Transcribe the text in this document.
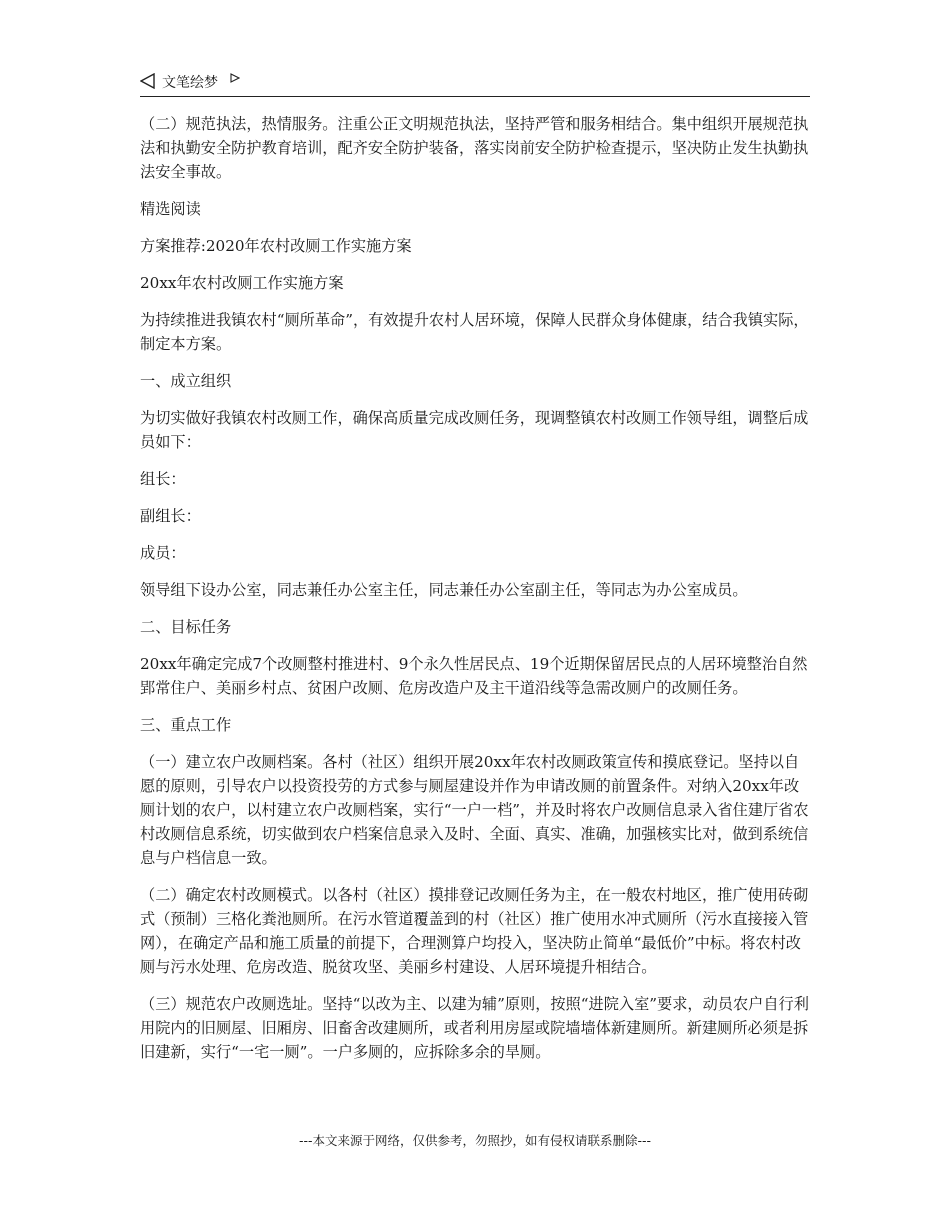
文笔绘梦

（二）规范执法，热情服务。注重公正文明规范执法，坚持严管和服务相结合。集中组织开展规范执法和执勤安全防护教育培训，配齐安全防护装备，落实岗前安全防护检查提示，坚决防止发生执勤执法安全事故。

精选阅读

方案推荐:2020年农村改厕工作实施方案

20xx年农村改厕工作实施方案

为持续推进我镇农村“厕所革命”，有效提升农村人居环境，保障人民群众身体健康，结合我镇实际，制定本方案。

一、成立组织

为切实做好我镇农村改厕工作，确保高质量完成改厕任务，现调整镇农村改厕工作领导组，调整后成员如下：

组长：

副组长：

成员：

领导组下设办公室，同志兼任办公室主任，同志兼任办公室副主任，等同志为办公室成员。

二、目标任务

20xx年确定完成7个改厕整村推进村、9个永久性居民点、19个近期保留居民点的人居环境整治自然郢常住户、美丽乡村点、贫困户改厕、危房改造户及主干道沿线等急需改厕户的改厕任务。

三、重点工作

（一）建立农户改厕档案。各村（社区）组织开展20xx年农村改厕政策宣传和摸底登记。坚持以自愿的原则，引导农户以投资投劳的方式参与厕屋建设并作为申请改厕的前置条件。对纳入20xx年改厕计划的农户，以村建立农户改厕档案，实行“一户一档”，并及时将农户改厕信息录入省住建厅省农村改厕信息系统，切实做到农户档案信息录入及时、全面、真实、准确，加强核实比对，做到系统信息与户档信息一致。

（二）确定农村改厕模式。以各村（社区）摸排登记改厕任务为主，在一般农村地区，推广使用砖砌式（预制）三格化粪池厕所。在污水管道覆盖到的村（社区）推广使用水冲式厕所（污水直接接入管网），在确定产品和施工质量的前提下，合理测算户均投入，坚决防止简单“最低价”中标。将农村改厕与污水处理、危房改造、脱贫攻坚、美丽乡村建设、人居环境提升相结合。

（三）规范农户改厕选址。坚持“以改为主、以建为辅”原则，按照“进院入室”要求，动员农户自行利用院内的旧厕屋、旧厢房、旧畜舍改建厕所，或者利用房屋或院墙墙体新建厕所。新建厕所必须是拆旧建新，实行“一宅一厕”。一户多厕的，应拆除多余的旱厕。

---本文来源于网络，仅供参考，勿照抄，如有侵权请联系删除---
